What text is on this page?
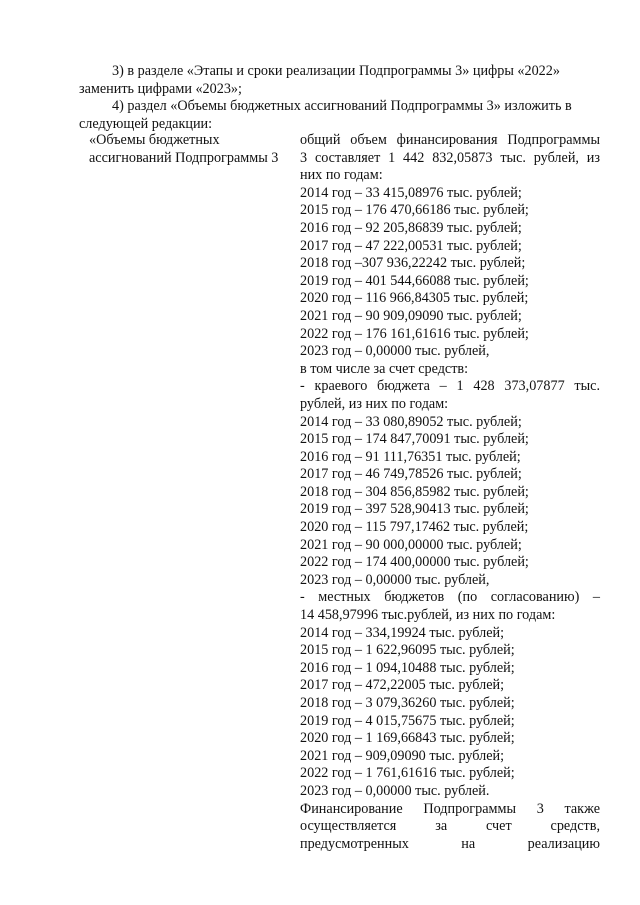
3) в разделе «Этапы и сроки реализации Подпрограммы 3» цифры «2022» заменить цифрами «2023»;
4) раздел «Объемы бюджетных ассигнований Подпрограммы 3» изложить в следующей редакции:
«Объемы бюджетных
ассигнований Подпрограммы 3
общий объем финансирования Подпрограммы
3 составляет 1 442 832,05873 тыс. рублей, из
них по годам:
2014 год – 33 415,08976 тыс. рублей;
2015 год – 176 470,66186 тыс. рублей;
2016 год – 92 205,86839 тыс. рублей;
2017 год – 47 222,00531 тыс. рублей;
2018 год –307 936,22242 тыс. рублей;
2019 год – 401 544,66088 тыс. рублей;
2020 год – 116 966,84305 тыс. рублей;
2021 год – 90 909,09090 тыс. рублей;
2022 год – 176 161,61616 тыс. рублей;
2023 год – 0,00000 тыс. рублей,
в том числе за счет средств:
- краевого бюджета – 1 428 373,07877 тыс.
рублей, из них по годам:
2014 год – 33 080,89052 тыс. рублей;
2015 год – 174 847,70091 тыс. рублей;
2016 год – 91 111,76351 тыс. рублей;
2017 год – 46 749,78526 тыс. рублей;
2018 год – 304 856,85982 тыс. рублей;
2019 год – 397 528,90413 тыс. рублей;
2020 год – 115 797,17462 тыс. рублей;
2021 год – 90 000,00000 тыс. рублей;
2022 год – 174 400,00000 тыс. рублей;
2023 год – 0,00000 тыс. рублей,
- местных бюджетов (по согласованию) –
14 458,97996 тыс.рублей, из них по годам:
2014 год – 334,19924 тыс. рублей;
2015 год – 1 622,96095 тыс. рублей;
2016 год – 1 094,10488 тыс. рублей;
2017 год – 472,22005 тыс. рублей;
2018 год – 3 079,36260 тыс. рублей;
2019 год – 4 015,75675 тыс. рублей;
2020 год – 1 169,66843 тыс. рублей;
2021 год – 909,09090 тыс. рублей;
2022 год – 1 761,61616 тыс. рублей;
2023 год – 0,00000 тыс. рублей.
Финансирование Подпрограммы 3 также
осуществляется за счет средств,
предусмотренных на реализацию
